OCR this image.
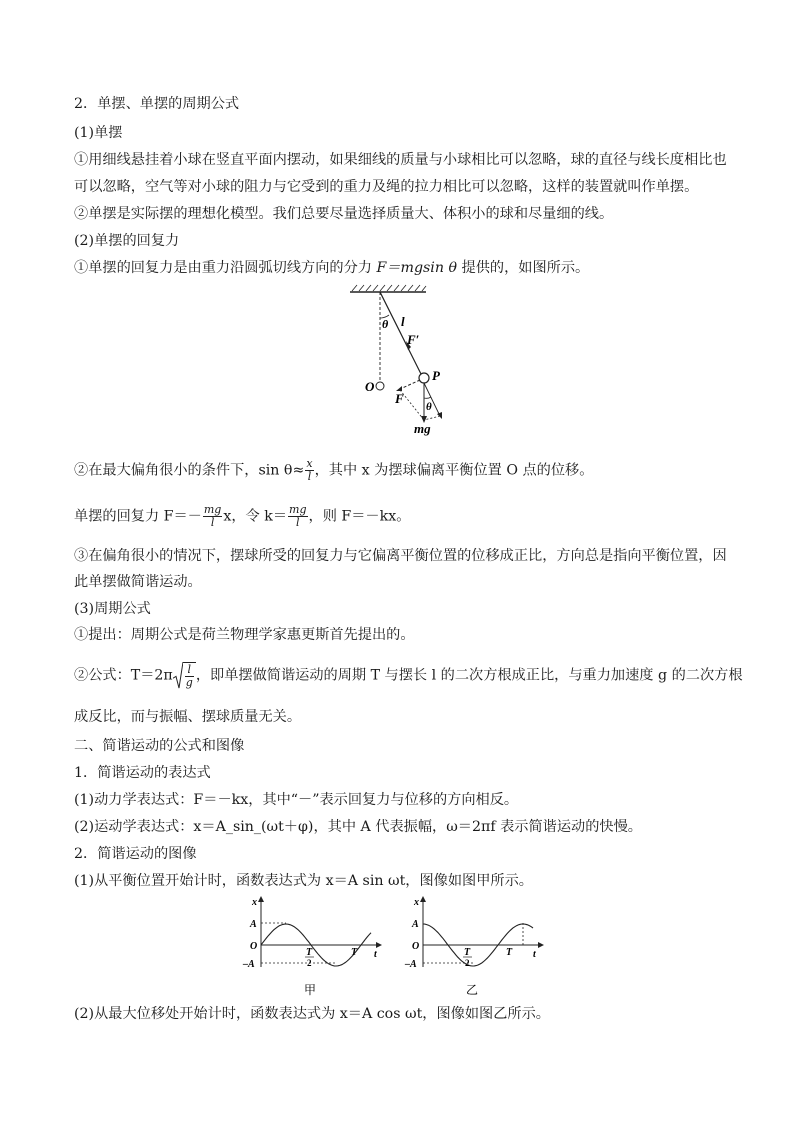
2．单摆、单摆的周期公式
(1)单摆
①用细线悬挂着小球在竖直平面内摆动，如果细线的质量与小球相比可以忽略，球的直径与线长度相比也
可以忽略，空气等对小球的阻力与它受到的重力及绳的拉力相比可以忽略，这样的装置就叫作单摆。
②单摆是实际摆的理想化模型。我们总要尽量选择质量大、体积小的球和尽量细的线。
(2)单摆的回复力
①单摆的回复力是由重力沿圆弧切线方向的分力 F＝mgsin θ 提供的，如图所示。
θ l
F′
O
P
F
θ
mg
②在最大偏角很小的条件下，$\sin \theta\approx \frac{x}{l}$ ，其中 x 为摆球偏离平衡位置 O 点的位移。
单摆的回复力 $F=- \frac{mg}{l}$ x，令 $k= \frac{mg}{l}$ ，则 F＝－kx。
③在偏角很小的情况下，摆球所受的回复力与它偏离平衡位置的位移成正比，方向总是指向平衡位置，因
此单摆做简谐运动。
(3)周期公式
①提出：周期公式是荷兰物理学家惠更斯首先提出的。
②公式：$T=2\pi \frac{l}{g}$ ，即单摆做简谐运动的周期 T 与摆长 l 的二次方根成正比，与重力加速度 g 的二次方根
成反比，而与振幅、摆球质量无关。
二、简谐运动的公式和图像
1．简谐运动的表达式
(1)动力学表达式：F＝－kx，其中“－”表示回复力与位移的方向相反。
(2)运动学表达式：x＝A_sin_(ωt＋φ)，其中 A 代表振幅，ω＝2πf 表示简谐运动的快慢。
2．简谐运动的图像
(1)从平衡位置开始计时，函数表达式为 x＝A sin ωt，图像如图甲所示。
x
A
O
–A
T
2
T t
甲
x
A
O
–A
T
2
T t
乙
(2)从最大位移处开始计时，函数表达式为 x＝A cos ωt，图像如图乙所示。
